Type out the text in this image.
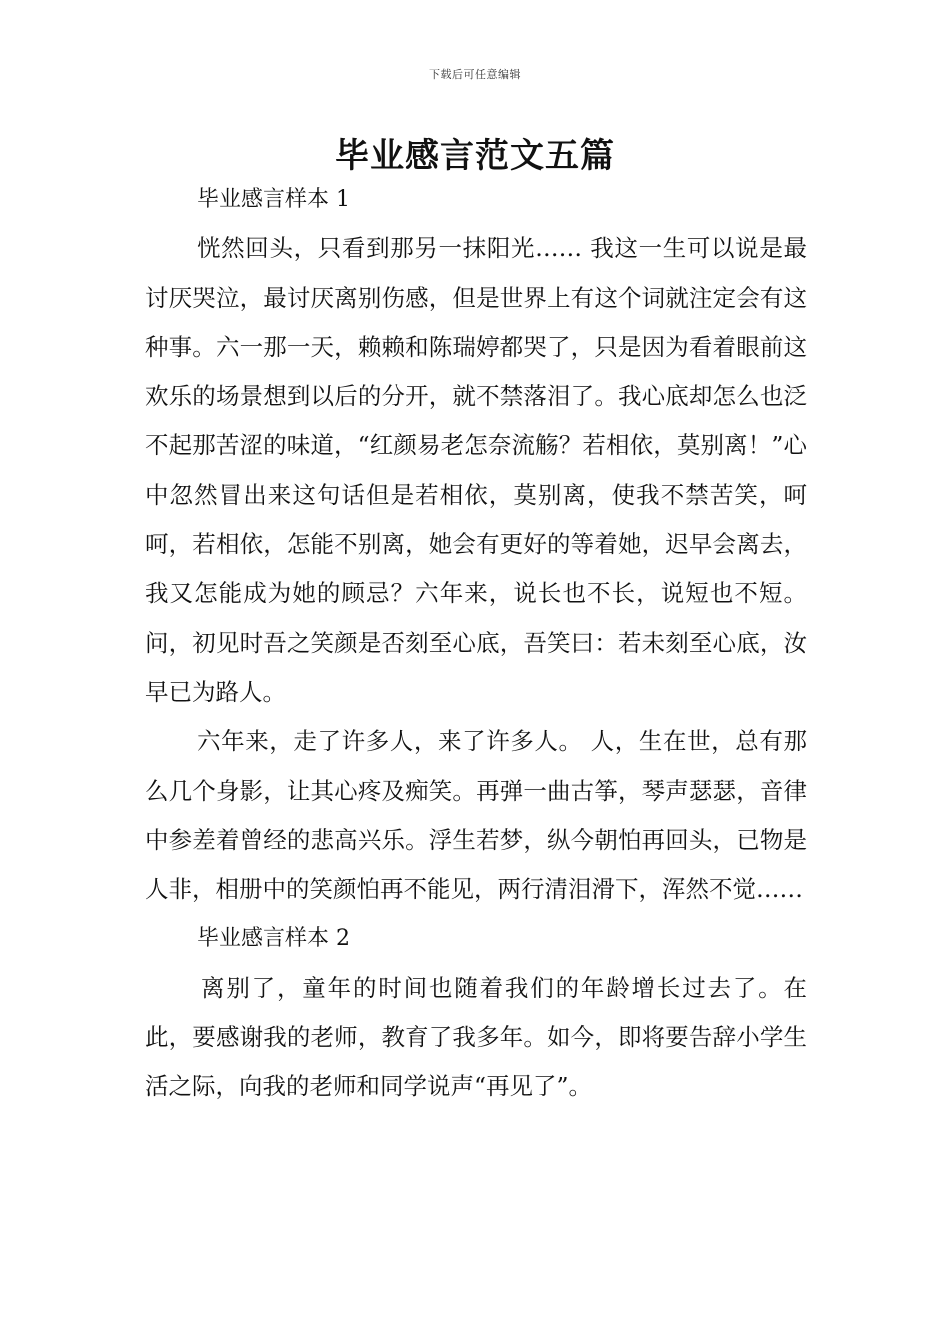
下载后可任意编辑
毕业感言范文五篇

毕业感言样本 1

恍然回头，只看到那另一抹阳光…… 我这一生可以说是最讨厌哭泣，最讨厌离别伤感，但是世界上有这个词就注定会有这种事。六一那一天，赖赖和陈瑞婷都哭了，只是因为看着眼前这欢乐的场景想到以后的分开，就不禁落泪了。我心底却怎么也泛不起那苦涩的味道，“红颜易老怎奈流觞？若相依，莫别离！”心中忽然冒出来这句话但是若相依，莫别离，使我不禁苦笑，呵呵，若相依，怎能不别离，她会有更好的等着她，迟早会离去，我又怎能成为她的顾忌？六年来，说长也不长，说短也不短。问，初见时吾之笑颜是否刻至心底，吾笑曰：若未刻至心底，汝早已为路人。

六年来，走了许多人，来了许多人。 人，生在世，总有那么几个身影，让其心疼及痴笑。再弹一曲古筝，琴声瑟瑟，音律中参差着曾经的悲高兴乐。浮生若梦，纵今朝怕再回头，已物是人非，相册中的笑颜怕再不能见，两行清泪滑下，浑然不觉……

毕业感言样本 2

离别了，童年的时间也随着我们的年龄增长过去了。在此，要感谢我的老师，教育了我多年。如今，即将要告辞小学生活之际，向我的老师和同学说声“再见了”。
